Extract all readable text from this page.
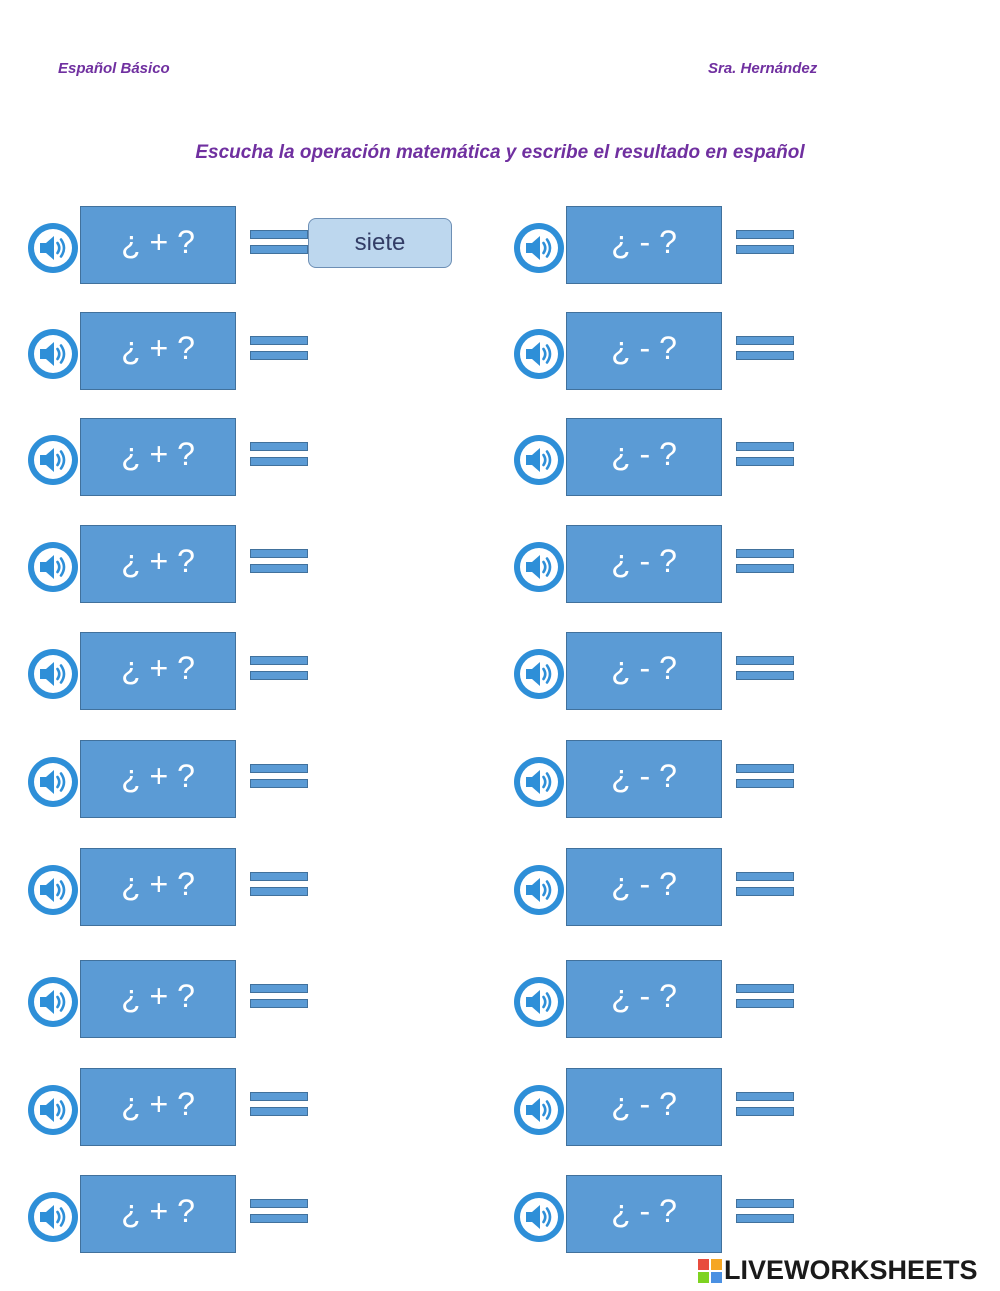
Español Básico	Sra. Hernández
Escucha la operación matemática y escribe el resultado en español
¿ + ?
siete
¿ + ?
¿ + ?
¿ + ?
¿ + ?
¿ + ?
¿ + ?
¿ + ?
¿ + ?
¿ + ?
¿ - ?
¿ - ?
¿ - ?
¿ - ?
¿ - ?
¿ - ?
¿ - ?
¿ - ?
¿ - ?
¿ - ?
LIVEWORKSHEETS
